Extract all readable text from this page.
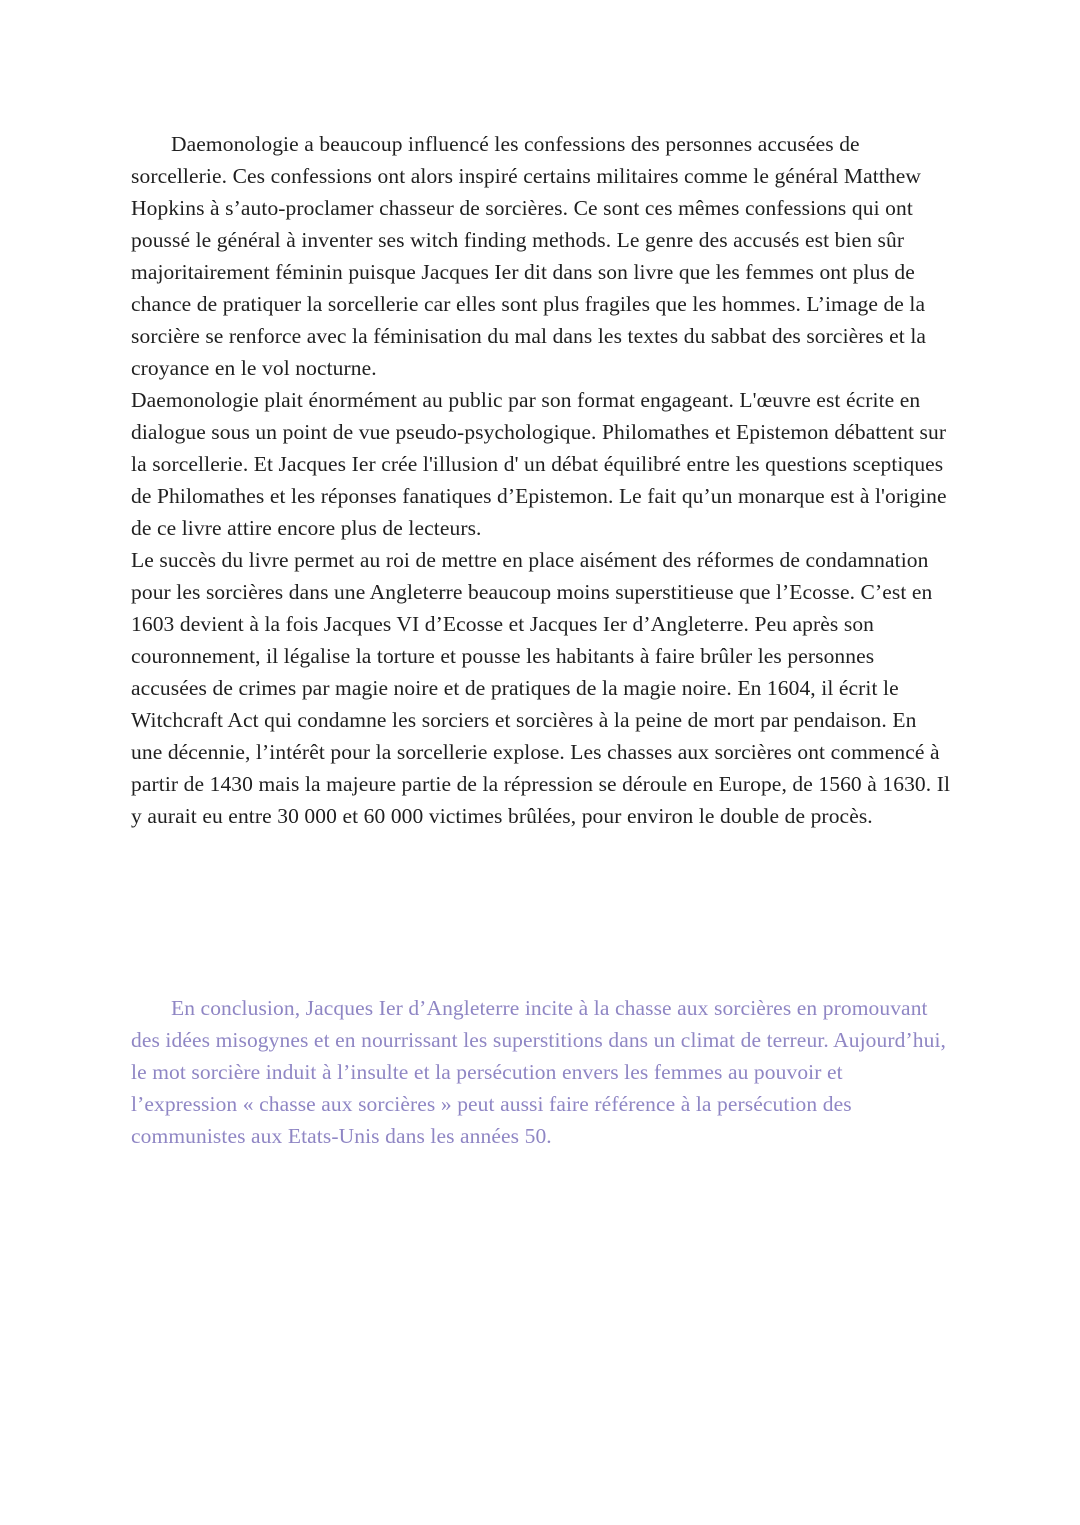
Daemonologie a beaucoup influencé les confessions des personnes accusées de sorcellerie. Ces confessions ont alors inspiré certains militaires comme le général Matthew Hopkins à s’auto-proclamer chasseur de sorcières. Ce sont ces mêmes confessions qui ont poussé le général à inventer ses witch finding methods. Le genre des accusés est bien sûr majoritairement féminin puisque Jacques Ier dit dans son livre que les femmes ont plus de chance de pratiquer la sorcellerie car elles sont plus fragiles que les hommes. L’image de la sorcière se renforce avec la féminisation du mal dans les textes du sabbat des sorcières et la croyance en le vol nocturne.

Daemonologie plait énormément au public par son format engageant. L'œuvre est écrite en dialogue sous un point de vue pseudo-psychologique. Philomathes et Epistemon débattent sur la sorcellerie. Et Jacques Ier crée l'illusion d' un débat équilibré entre les questions sceptiques de Philomathes et les réponses fanatiques d’Epistemon. Le fait qu’un monarque est à l'origine de ce livre attire encore plus de lecteurs.

Le succès du livre permet au roi de mettre en place aisément des réformes de condamnation pour les sorcières dans une Angleterre beaucoup moins superstitieuse que l’Ecosse. C’est en 1603 devient à la fois Jacques VI d’Ecosse et Jacques Ier d’Angleterre. Peu après son couronnement, il légalise la torture et pousse les habitants à faire brûler les personnes accusées de crimes par magie noire et de pratiques de la magie noire. En 1604, il écrit le Witchcraft Act qui condamne les sorciers et sorcières à la peine de mort par pendaison. En une décennie, l’intérêt pour la sorcellerie explose. Les chasses aux sorcières ont commencé à partir de 1430 mais la majeure partie de la répression se déroule en Europe, de 1560 à 1630. Il y aurait eu entre 30 000 et 60 000 victimes brûlées, pour environ le double de procès.

En conclusion, Jacques Ier d’Angleterre incite à la chasse aux sorcières en promouvant des idées misogynes et en nourrissant les superstitions dans un climat de terreur. Aujourd’hui, le mot sorcière induit à l’insulte et la persécution envers les femmes au pouvoir et l’expression « chasse aux sorcières » peut aussi faire référence à la persécution des communistes aux Etats-Unis dans les années 50.
